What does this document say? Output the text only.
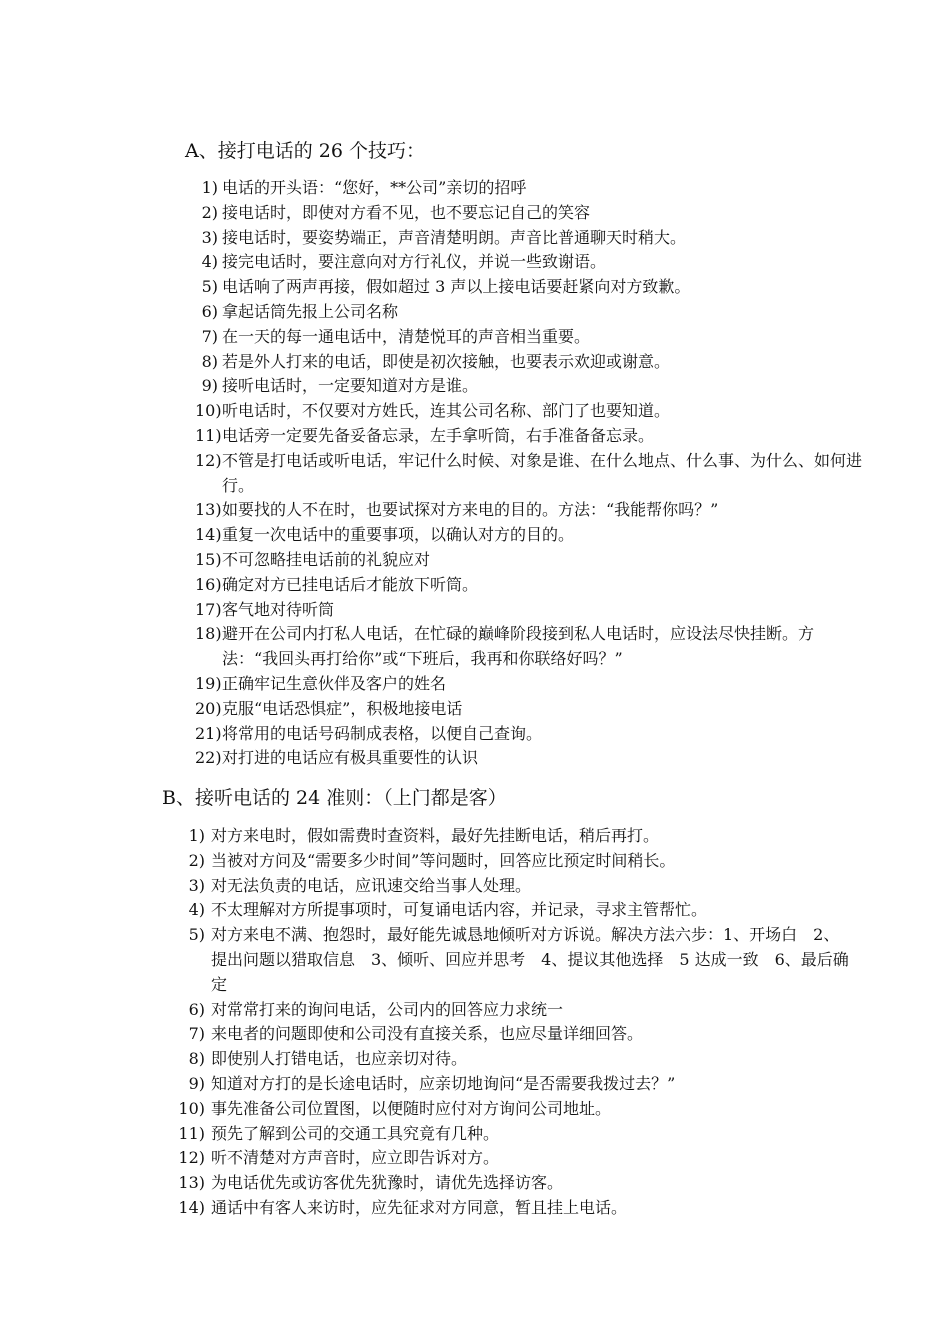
A、接打电话的 26 个技巧：
1) 电话的开头语：“您好，**公司”亲切的招呼
2) 接电话时，即使对方看不见，也不要忘记自己的笑容
3) 接电话时，要姿势端正，声音清楚明朗。声音比普通聊天时稍大。
4) 接完电话时，要注意向对方行礼仪，并说一些致谢语。
5) 电话响了两声再接，假如超过 3 声以上接电话要赶紧向对方致歉。
6) 拿起话筒先报上公司名称
7) 在一天的每一通电话中，清楚悦耳的声音相当重要。
8) 若是外人打来的电话，即使是初次接触，也要表示欢迎或谢意。
9) 接听电话时，一定要知道对方是谁。
10) 听电话时，不仅要对方姓氏，连其公司名称、部门了也要知道。
11) 电话旁一定要先备妥备忘录，左手拿听筒，右手准备备忘录。
12) 不管是打电话或听电话，牢记什么时候、对象是谁、在什么地点、什么事、为什么、如何进行。
13) 如要找的人不在时，也要试探对方来电的目的。方法：“我能帮你吗？”
14) 重复一次电话中的重要事项，以确认对方的目的。
15) 不可忽略挂电话前的礼貌应对
16) 确定对方已挂电话后才能放下听筒。
17) 客气地对待听筒
18) 避开在公司内打私人电话，在忙碌的巅峰阶段接到私人电话时，应设法尽快挂断。方法：“我回头再打给你”或“下班后，我再和你联络好吗？”
19) 正确牢记生意伙伴及客户的姓名
20) 克服“电话恐惧症”，积极地接电话
21) 将常用的电话号码制成表格，以便自己查询。
22) 对打进的电话应有极具重要性的认识
B、接听电话的 24 准则：（上门都是客）
1) 对方来电时，假如需费时查资料，最好先挂断电话，稍后再打。
2) 当被对方问及“需要多少时间”等问题时，回答应比预定时间稍长。
3) 对无法负责的电话，应讯速交给当事人处理。
4) 不太理解对方所提事项时，可复诵电话内容，并记录，寻求主管帮忙。
5) 对方来电不满、抱怨时，最好能先诚恳地倾听对方诉说。解决方法六步：1、开场白　2、提出问题以猎取信息　3、倾听、回应并思考　4、提议其他选择　5 达成一致　6、最后确定
6) 对常常打来的询问电话，公司内的回答应力求统一
7) 来电者的问题即使和公司没有直接关系，也应尽量详细回答。
8) 即使别人打错电话，也应亲切对待。
9) 知道对方打的是长途电话时，应亲切地询问“是否需要我拨过去？”
10) 事先准备公司位置图，以便随时应付对方询问公司地址。
11) 预先了解到公司的交通工具究竟有几种。
12) 听不清楚对方声音时，应立即告诉对方。
13) 为电话优先或访客优先犹豫时，请优先选择访客。
14) 通话中有客人来访时，应先征求对方同意，暂且挂上电话。
